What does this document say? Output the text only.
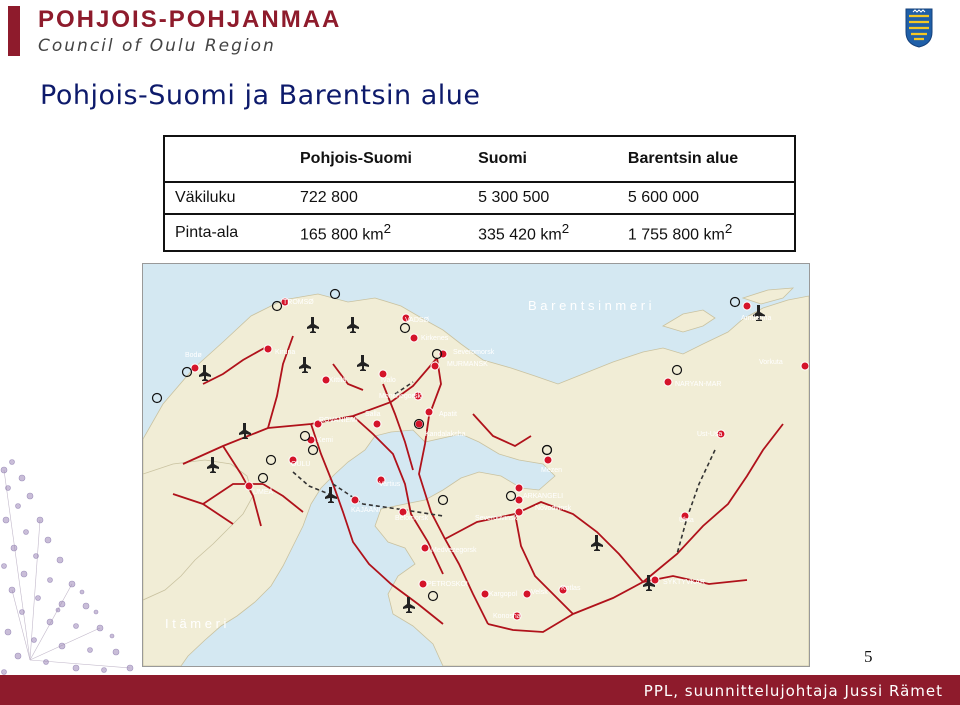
POHJOIS-POHJANMAA
Council of Oulu Region
Pohjois-Suomi ja Barentsin alue
	Pohjois-Suomi	Suomi	Barentsin alue
Väkiluku	722 800	5 300 500	5 600 000
Pinta-ala	165 800 $km^2$	335 420 $km^2$	1 755 800 $km^2$
B a r e n t s i n m e r i
I t ä m e r i
TROMSØ
VADSØ
Kirkenes
Bodø	Kiruna
Kittilä	Ivalo
Severomorsk
MURMANSK
Monchegorsk
Salla	Apatit
ROVANIEMI
Kemi
Kandalaksha
OULU
UMEÅ
Vartius
KAJAANI
Belomorsk	Severodvinsk
ARKANGELI
Novodvinsk
Mezen
NARYAN-MAR
Vorkuta
Amderma
Ust-Usa
Uhta
Medvezegorsk
PETROSKOI
Kargopol Velsk
Kotlas
SYKTYVKAR
Konosha
5
PPL, suunnittelujohtaja Jussi Rämet
